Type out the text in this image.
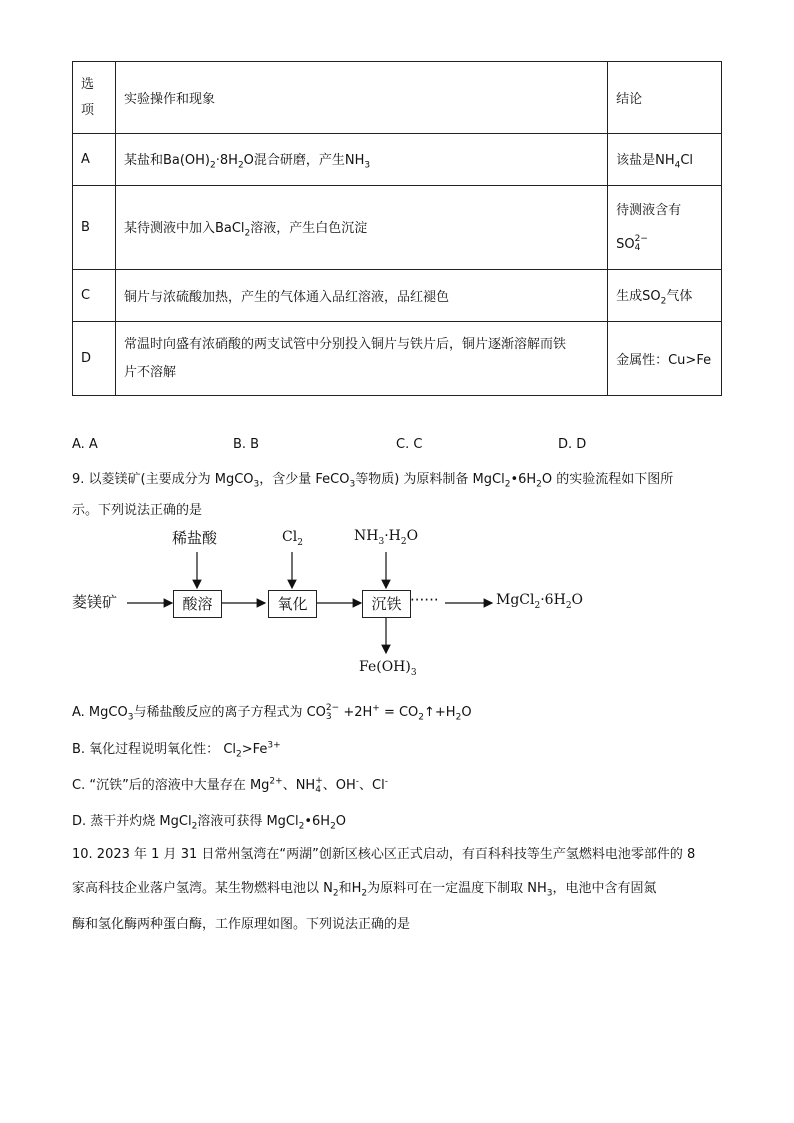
选
项	实验操作和现象	结论
A	某盐和$Ba(OH)_2\cdot 8H_2O$混合研磨，产生$NH_3$	该盐是$NH_4Cl$
B	某待测液中加入BaCl$_2$溶液，产生白色沉淀	待测液含有
SO2−
4
C	铜片与浓硫酸加热，产生的气体通入品红溶液，品红褪色	生成$SO_2$气体
D	常温时向盛有浓硝酸的两支试管中分别投入铜片与铁片后，铜片逐渐溶解而铁
片不溶解	金属性：Cu>Fe
A. A	B. B	C. C	D. D
9. 以菱镁矿(主要成分为 MgCO$_3$，含少量 FeCO$_3$等物质) 为原料制备 $MgCl_2•6H_2O$ 的实验流程如下图所
示。下列说法正确的是
菱镁矿	酸溶	氧化	沉铁 ······
稀盐酸	$Cl_2$	$NH_3\cdot H_2O$
$MgCl_2\cdot 6H_2O$
$Fe(OH)_3$
A. MgCO$_3$与稀盐酸反应的离子方程式为 CO2−
$3 +2H^+ = CO_2↑+H_2O$
B. 氧化过程说明氧化性： $Cl_2>Fe^{3+}$
C. “沉铁”后的溶液中大量存在 $Mg^{2+}$、NH+
4 、OH-、Cl-
D. 蒸干并灼烧 MgCl$_2$溶液可获得 $MgCl_2•6H_2O$
10. 2023 年 1 月 31 日常州氢湾在“两湖”创新区核心区正式启动，有百科科技等生产氢燃料电池零部件的 8
家高科技企业落户氢湾。某生物燃料电池以 $N_2$和$H_2$为原料可在一定温度下制取 $NH_3$，电池中含有固氮
酶和氢化酶两种蛋白酶，工作原理如图。下列说法正确的是
